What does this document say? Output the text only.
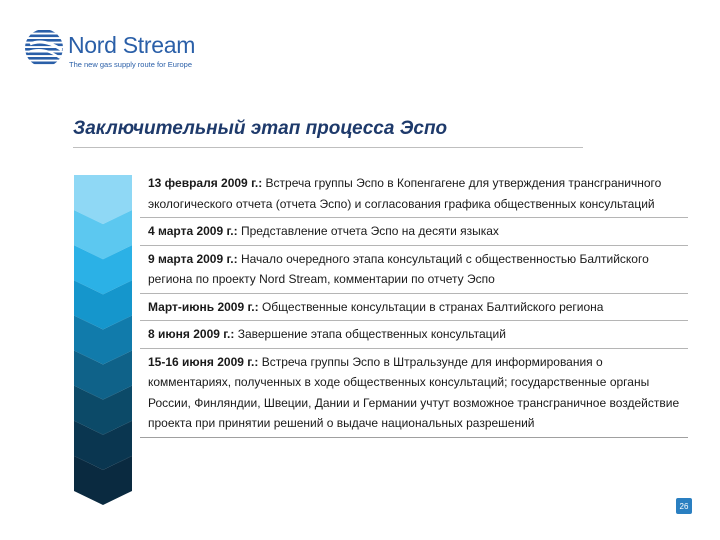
Nord Stream
The new gas supply route for Europe
Заключительный этап процесса Эспо
13 февраля 2009 г.: Встреча группы Эспо в Копенгагене для утверждения трансграничного экологического отчета (отчета Эспо) и согласования графика общественных консультаций
4 марта 2009 г.: Представление отчета Эспо на десяти языках
9 марта 2009 г.: Начало очередного этапа консультаций с общественностью Балтийского региона по проекту Nord Stream, комментарии по отчету Эспо
Март-июнь 2009 г.: Общественные консультации в странах Балтийского региона
8 июня 2009 г.: Завершение этапа общественных консультаций
15-16 июня 2009 г.: Встреча группы Эспо в Штральзунде для информирования о комментариях, полученных в ходе общественных консультаций; государственные органы России, Финляндии, Швеции, Дании и Германии учтут возможное трансграничное воздействие проекта при принятии решений о выдаче национальных разрешений
26
